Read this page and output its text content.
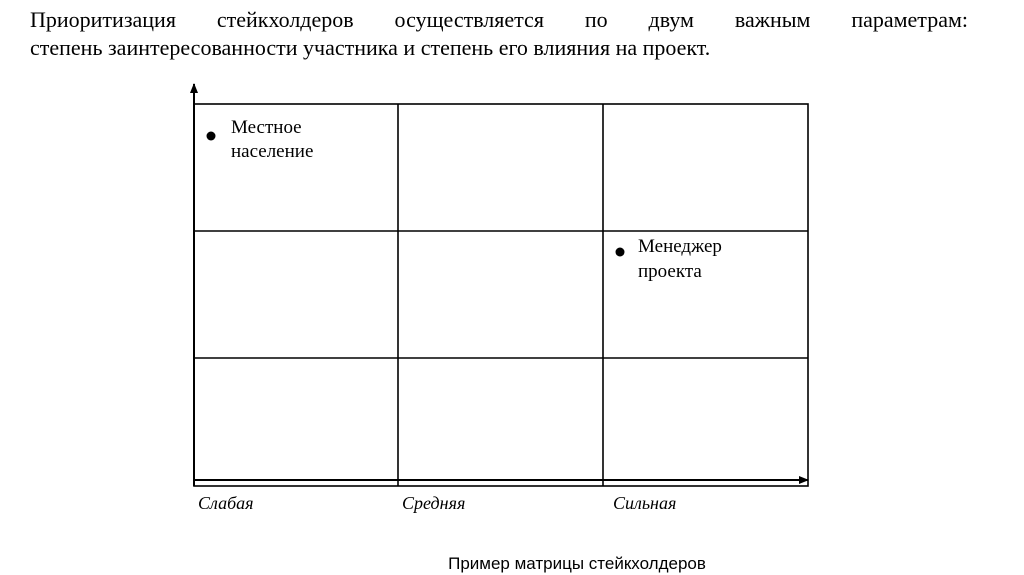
Приоритизация стейкхолдеров осуществляется по двум важным параметрам:
степень заинтересованности участника и степень его влияния на проект.
Слабая	Средняя	Сильная
Местное
население
Менеджер
проекта
Пример матрицы стейкхолдеров
